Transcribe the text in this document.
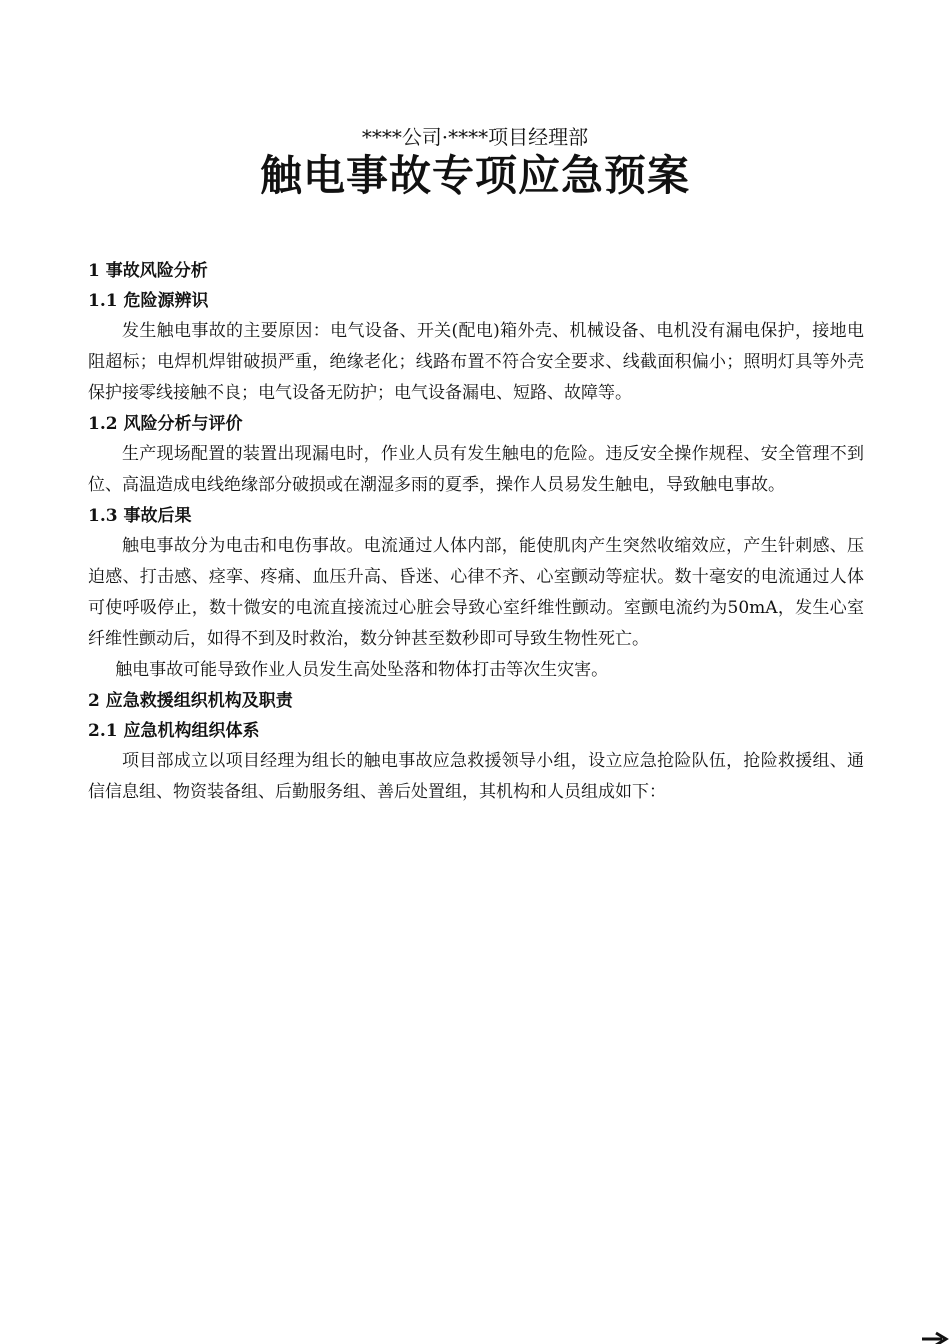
****公司·****项目经理部
触电事故专项应急预案
1 事故风险分析
1.1 危险源辨识

发生触电事故的主要原因：电气设备、开关(配电)箱外壳、机械设备、电机没有漏电保护，接地电阻超标；电焊机焊钳破损严重，绝缘老化；线路布置不符合安全要求、线截面积偏小；照明灯具等外壳保护接零线接触不良；电气设备无防护；电气设备漏电、短路、故障等。

1.2 风险分析与评价

生产现场配置的装置出现漏电时，作业人员有发生触电的危险。违反安全操作规程、安全管理不到位、高温造成电线绝缘部分破损或在潮湿多雨的夏季，操作人员易发生触电，导致触电事故。

1.3 事故后果

触电事故分为电击和电伤事故。电流通过人体内部，能使肌肉产生突然收缩效应，产生针刺感、压迫感、打击感、痉挛、疼痛、血压升高、昏迷、心律不齐、心室颤动等症状。数十毫安的电流通过人体可使呼吸停止，数十微安的电流直接流过心脏会导致心室纤维性颤动。室颤电流约为50mA，发生心室纤维性颤动后，如得不到及时救治，数分钟甚至数秒即可导致生物性死亡。

触电事故可能导致作业人员发生高处坠落和物体打击等次生灾害。

2 应急救援组织机构及职责
2.1 应急机构组织体系

项目部成立以项目经理为组长的触电事故应急救援领导小组，设立应急抢险队伍，抢险救援组、通信信息组、物资装备组、后勤服务组、善后处置组，其机构和人员组成如下：
